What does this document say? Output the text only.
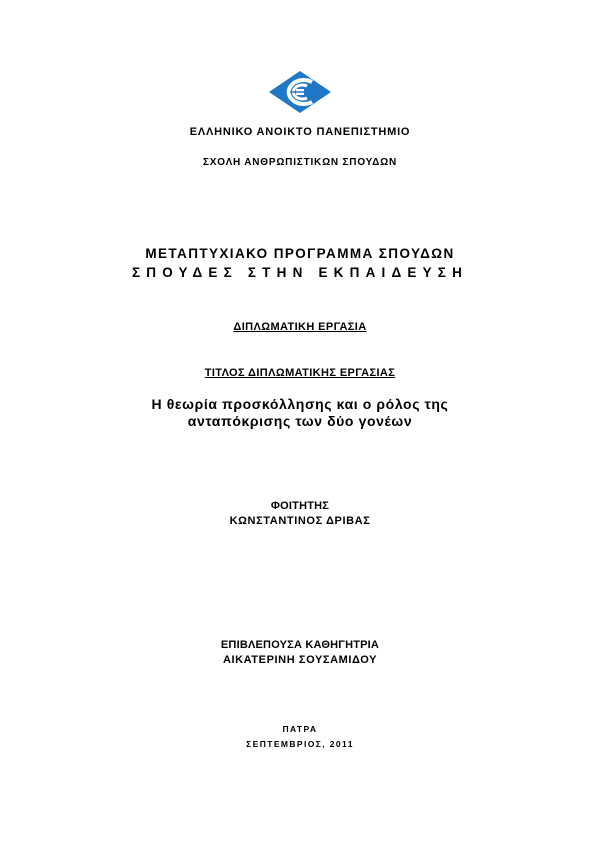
ΕΛΛΗΝΙΚΟ ΑΝΟΙΚΤΟ ΠΑΝΕΠΙΣΤΗΜΙΟ
ΣΧΟΛΗ ΑΝΘΡΩΠΙΣΤΙΚΩΝ ΣΠΟΥΔΩΝ
ΜΕΤΑΠΤΥΧΙΑΚΟ ΠΡΟΓΡΑΜΜΑ ΣΠΟΥΔΩΝ
ΣΠΟΥΔΕΣ ΣΤΗΝ ΕΚΠΑΙΔΕΥΣΗ
ΔΙΠΛΩΜΑΤΙΚΗ ΕΡΓΑΣΙΑ
ΤΙΤΛΟΣ ΔΙΠΛΩΜΑΤΙΚΗΣ ΕΡΓΑΣΙΑΣ
Η θεωρία προσκόλλησης και ο ρόλος της
ανταπόκρισης των δύο γονέων
ΦΟΙΤΗΤΗΣ
ΚΩΝΣΤΑΝΤΙΝΟΣ ΔΡΙΒΑΣ
ΕΠΙΒΛΕΠΟΥΣΑ ΚΑΘΗΓΗΤΡΙΑ
ΑΙΚΑΤΕΡΙΝΗ ΣΟΥΣΑΜΙΔΟΥ
ΠΑΤΡΑ
ΣΕΠΤΕΜΒΡΙΟΣ, 2011
